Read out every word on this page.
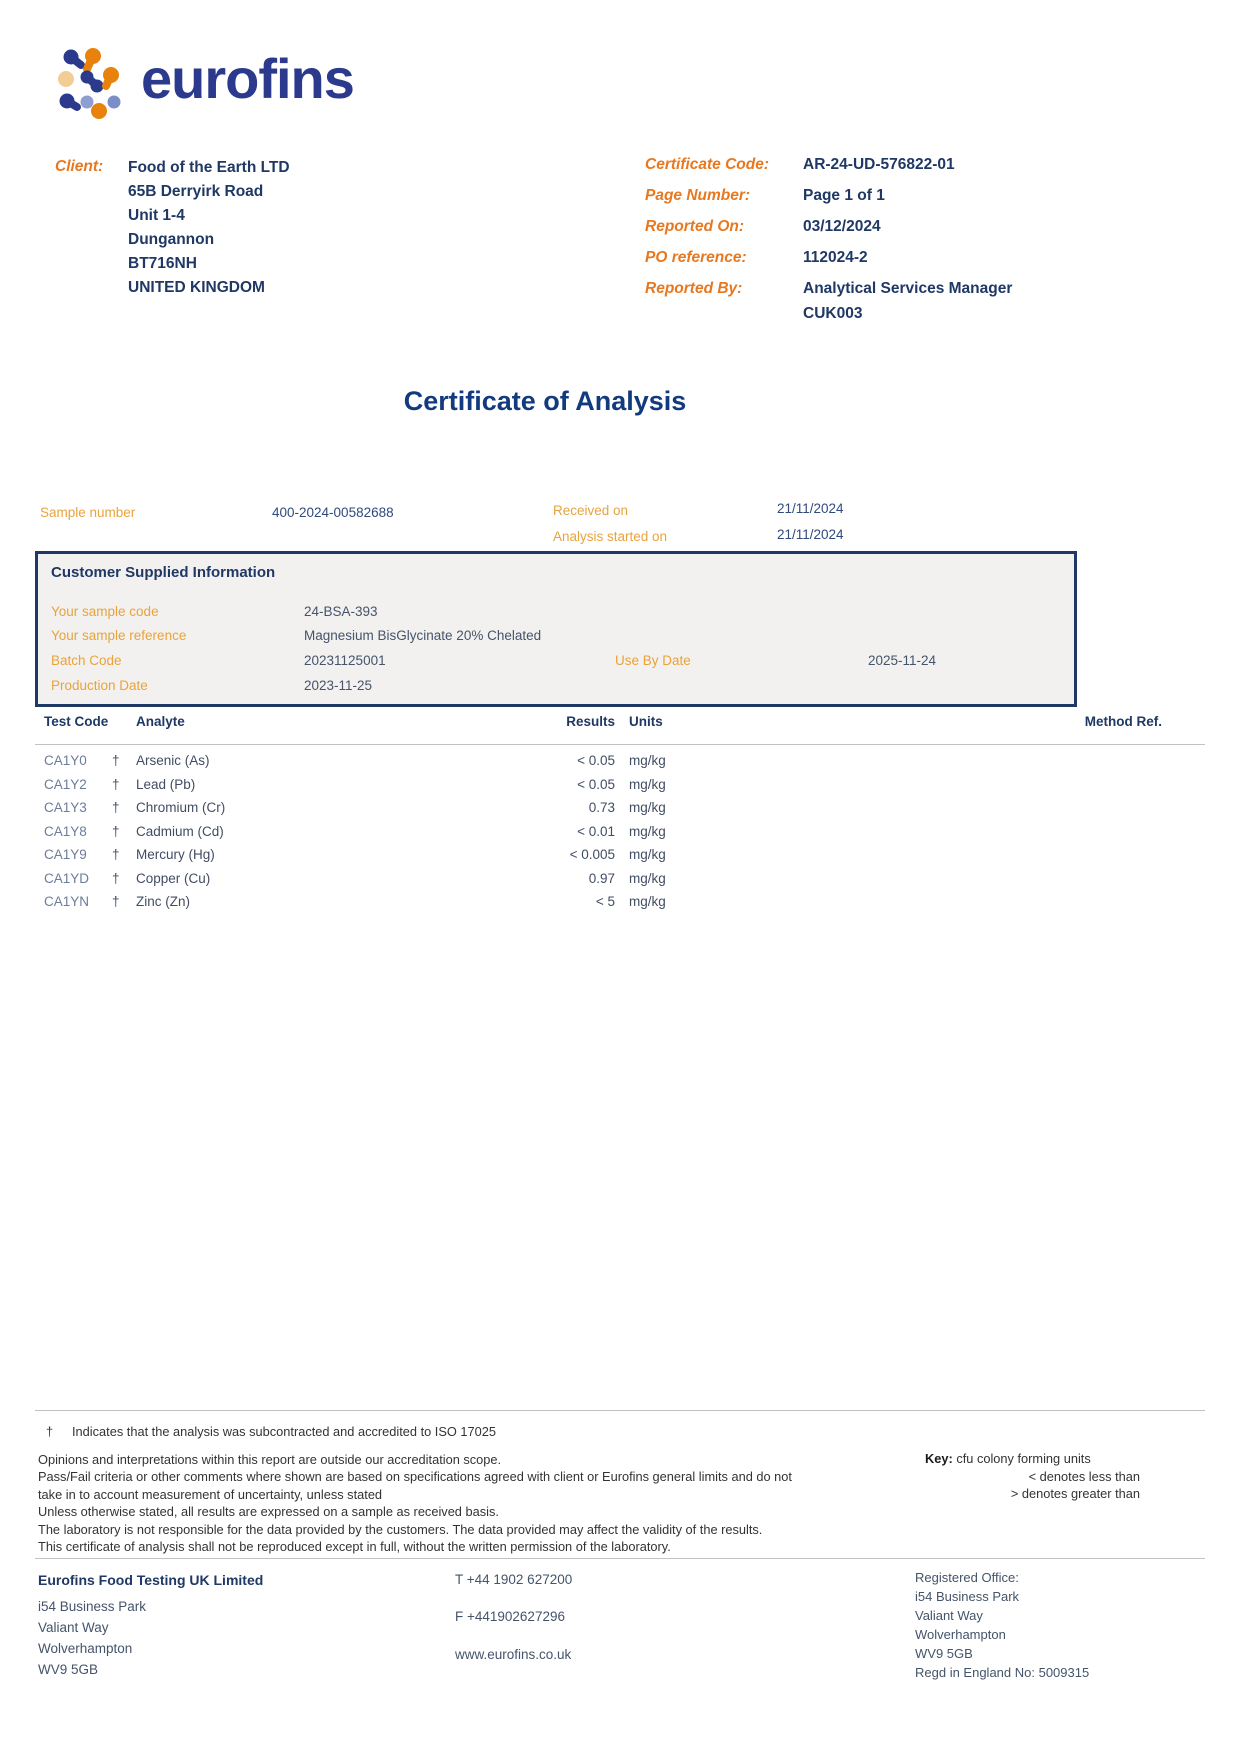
eurofins
Client: Food of the Earth LTD
65B Derryirk Road
Unit 1-4
Dungannon
BT716NH
UNITED KINGDOM
Certificate Code:	AR-24-UD-576822-01
Page Number:	Page 1 of 1
Reported On:	03/12/2024
PO reference:	112024-2
Reported By:	Analytical Services Manager
CUK003
Certificate of Analysis
Sample number	400-2024-00582688	Received on	21/11/2024
Analysis started on	21/11/2024
Customer Supplied Information
Your sample code	24-BSA-393
Your sample reference	Magnesium BisGlycinate 20% Chelated
Batch Code	20231125001	Use By Date	2025-11-24
Production Date	2023-11-25
Test Code Analyte	Results Units	Method Ref.
CA1Y0 † Arsenic (As)	< 0.05 mg/kg
CA1Y2 † Lead (Pb)	< 0.05 mg/kg
CA1Y3 † Chromium (Cr)	0.73 mg/kg
CA1Y8 † Cadmium (Cd)	< 0.01 mg/kg
CA1Y9 † Mercury (Hg)	< 0.005 mg/kg
CA1YD † Copper (Cu)	0.97 mg/kg
CA1YN † Zinc (Zn)	< 5 mg/kg
† Indicates that the analysis was subcontracted and accredited to ISO 17025
Opinions and interpretations within this report are outside our accreditation scope.
Pass/Fail criteria or other comments where shown are based on specifications agreed with client or Eurofins general limits and do not
take in to account measurement of uncertainty, unless stated
Unless otherwise stated, all results are expressed on a sample as received basis.
The laboratory is not responsible for the data provided by the customers. The data provided may affect the validity of the results.
This certificate of analysis shall not be reproduced except in full, without the written permission of the laboratory.
Key: cfu colony forming units
< denotes less than
> denotes greater than
Eurofins Food Testing UK Limited
i54 Business Park
Valiant Way
Wolverhampton
WV9 5GB
T +44 1902 627200
F +441902627296
www.eurofins.co.uk
Registered Office:
i54 Business Park
Valiant Way
Wolverhampton
WV9 5GB
Regd in England No: 5009315
